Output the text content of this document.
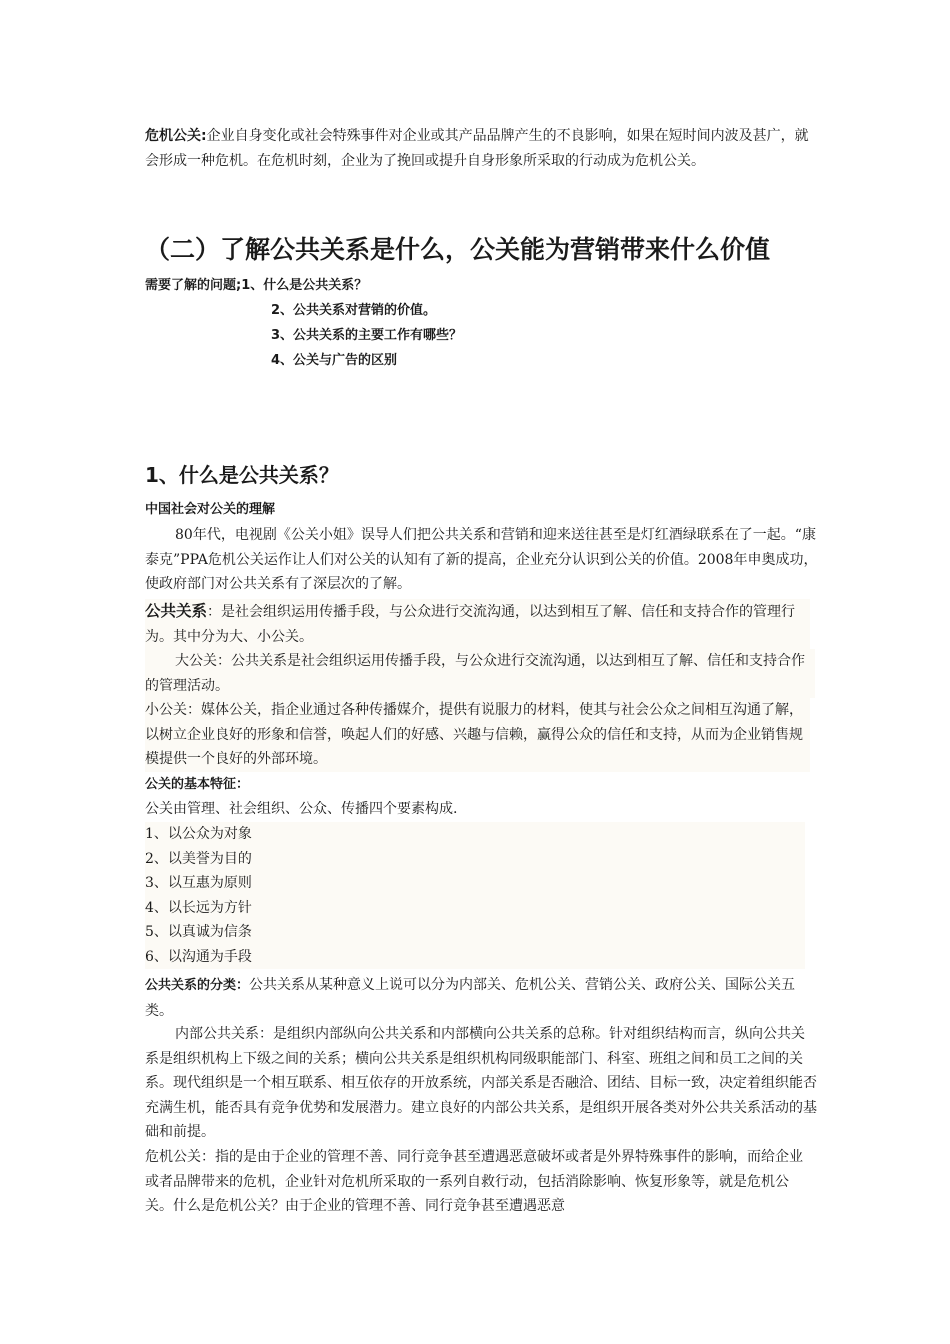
危机公关:企业自身变化或社会特殊事件对企业或其产品品牌产生的不良影响，如果在短时间内波及甚广，就会形成一种危机。在危机时刻，企业为了挽回或提升自身形象所采取的行动成为危机公关。

（二）了解公共关系是什么，公关能为营销带来什么价值
需要了解的问题;1、什么是公共关系？
2、公共关系对营销的价值。
3、公共关系的主要工作有哪些？
4、公关与广告的区别
1、什么是公共关系？

中国社会对公关的理解

80年代，电视剧《公关小姐》误导人们把公共关系和营销和迎来送往甚至是灯红酒绿联系在了一起。“康泰克”PPA危机公关运作让人们对公关的认知有了新的提高，企业充分认识到公关的价值。2008年申奥成功，使政府部门对公共关系有了深层次的了解。

公共关系：是社会组织运用传播手段，与公众进行交流沟通，以达到相互了解、信任和支持合作的管理行为。其中分为大、小公关。

大公关：公共关系是社会组织运用传播手段，与公众进行交流沟通，以达到相互了解、信任和支持合作的管理活动。

小公关：媒体公关，指企业通过各种传播媒介，提供有说服力的材料，使其与社会公众之间相互沟通了解，以树立企业良好的形象和信誉，唤起人们的好感、兴趣与信赖，赢得公众的信任和支持，从而为企业销售规模提供一个良好的外部环境。

公关的基本特征：

公关由管理、社会组织、公众、传播四个要素构成.

1、以公众为对象
2、以美誉为目的
3、以互惠为原则
4、以长远为方针
5、以真诚为信条
6、以沟通为手段

公共关系的分类：公共关系从某种意义上说可以分为内部关、危机公关、营销公关、政府公关、国际公关五类。

内部公共关系：是组织内部纵向公共关系和内部横向公共关系的总称。针对组织结构而言，纵向公共关系是组织机构上下级之间的关系；横向公共关系是组织机构同级职能部门、科室、班组之间和员工之间的关系。现代组织是一个相互联系、相互依存的开放系统，内部关系是否融洽、团结、目标一致，决定着组织能否充满生机，能否具有竞争优势和发展潜力。建立良好的内部公共关系，是组织开展各类对外公共关系活动的基础和前提。

危机公关：指的是由于企业的管理不善、同行竞争甚至遭遇恶意破坏或者是外界特殊事件的影响，而给企业或者品牌带来的危机，企业针对危机所采取的一系列自救行动，包括消除影响、恢复形象等，就是危机公关。什么是危机公关？由于企业的管理不善、同行竞争甚至遭遇恶意
